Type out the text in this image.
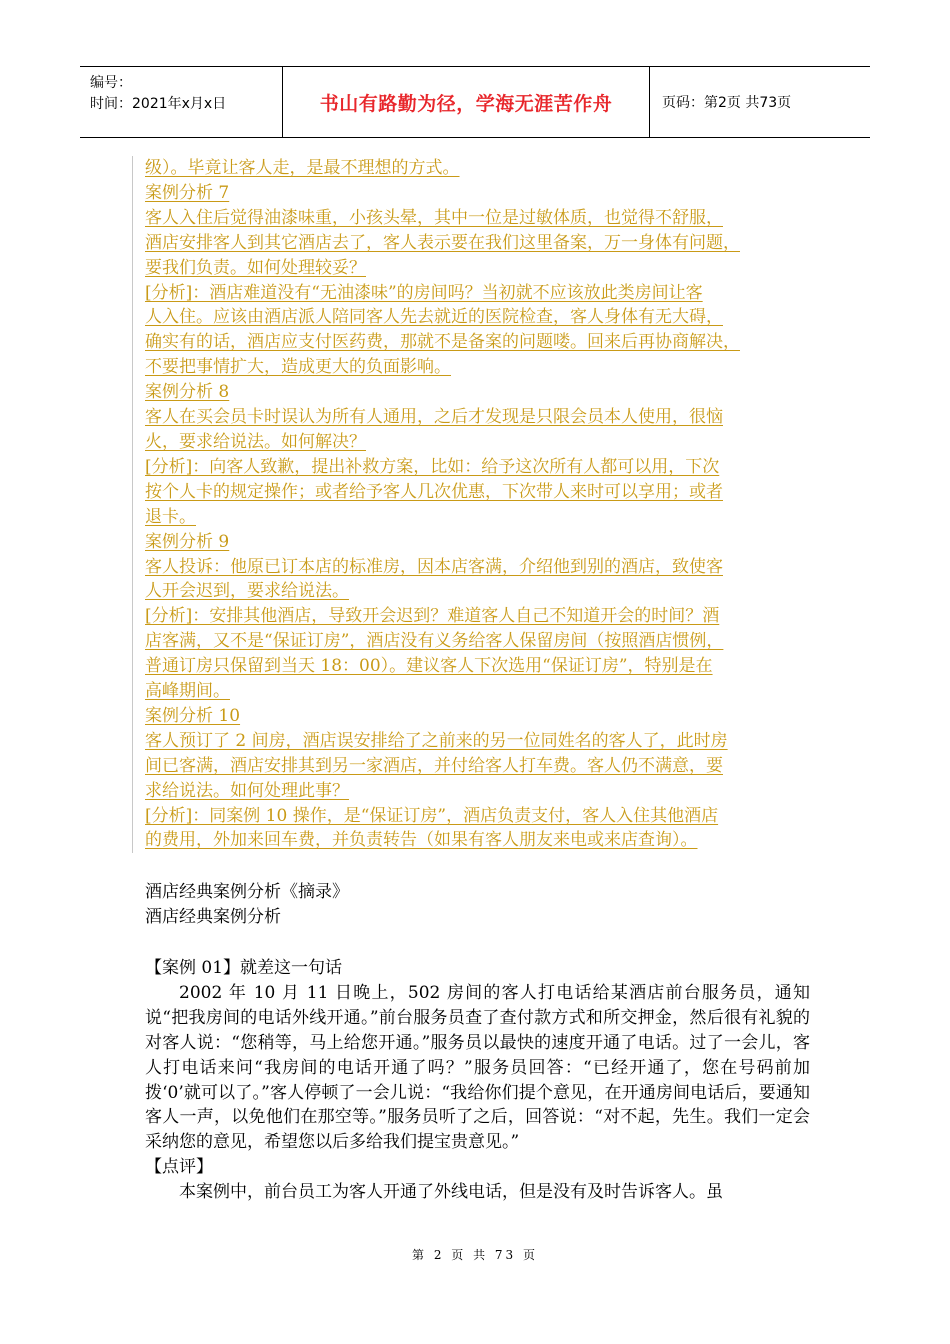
编号：
时间：2021年x月x日	书山有路勤为径，学海无涯苦作舟	页码：第2页 共73页

级）。毕竟让客人走，是最不理想的方式。

案例分析 7

客人入住后觉得油漆味重，小孩头晕，其中一位是过敏体质，也觉得不舒服，

酒店安排客人到其它酒店去了，客人表示要在我们这里备案，万一身体有问题，

要我们负责。如何处理较妥？

[分析]：酒店难道没有“无油漆味”的房间吗？当初就不应该放此类房间让客

人入住。应该由酒店派人陪同客人先去就近的医院检查，客人身体有无大碍，

确实有的话，酒店应支付医药费，那就不是备案的问题喽。回来后再协商解决，

不要把事情扩大，造成更大的负面影响。

案例分析 8

客人在买会员卡时误认为所有人通用，之后才发现是只限会员本人使用，很恼

火，要求给说法。如何解决？

[分析]：向客人致歉，提出补救方案，比如：给予这次所有人都可以用，下次

按个人卡的规定操作；或者给予客人几次优惠，下次带人来时可以享用；或者

退卡。

案例分析 9

客人投诉：他原已订本店的标准房，因本店客满，介绍他到别的酒店，致使客

人开会迟到，要求给说法。

[分析]：安排其他酒店，导致开会迟到？难道客人自己不知道开会的时间？酒

店客满，又不是“保证订房”，酒店没有义务给客人保留房间（按照酒店惯例，

普通订房只保留到当天 18：00）。建议客人下次选用“保证订房”，特别是在

高峰期间。

案例分析 10

客人预订了 2 间房，酒店误安排给了之前来的另一位同姓名的客人了，此时房

间已客满，酒店安排其到另一家酒店，并付给客人打车费。客人仍不满意，要

求给说法。如何处理此事？

[分析]：同案例 10 操作，是“保证订房”，酒店负责支付，客人入住其他酒店

的费用，外加来回车费，并负责转告（如果有客人朋友来电或来店查询）。

酒店经典案例分析《摘录》

酒店经典案例分析

【案例 01】就差这一句话

2002 年 10 月 11 日晚上，502 房间的客人打电话给某酒店前台服务员，通知说“把我房间的电话外线开通。”前台服务员查了查付款方式和所交押金，然后很有礼貌的对客人说：“您稍等，马上给您开通。”服务员以最快的速度开通了电话。过了一会儿，客人打电话来问“我房间的电话开通了吗？”服务员回答：“已经开通了，您在号码前加拨‘0’就可以了。”客人停顿了一会儿说：“我给你们提个意见，在开通房间电话后，要通知客人一声，以免他们在那空等。”服务员听了之后，回答说：“对不起，先生。我们一定会采纳您的意见，希望您以后多给我们提宝贵意见。”

【点评】

本案例中，前台员工为客人开通了外线电话，但是没有及时告诉客人。虽

第 2 页 共 73 页
